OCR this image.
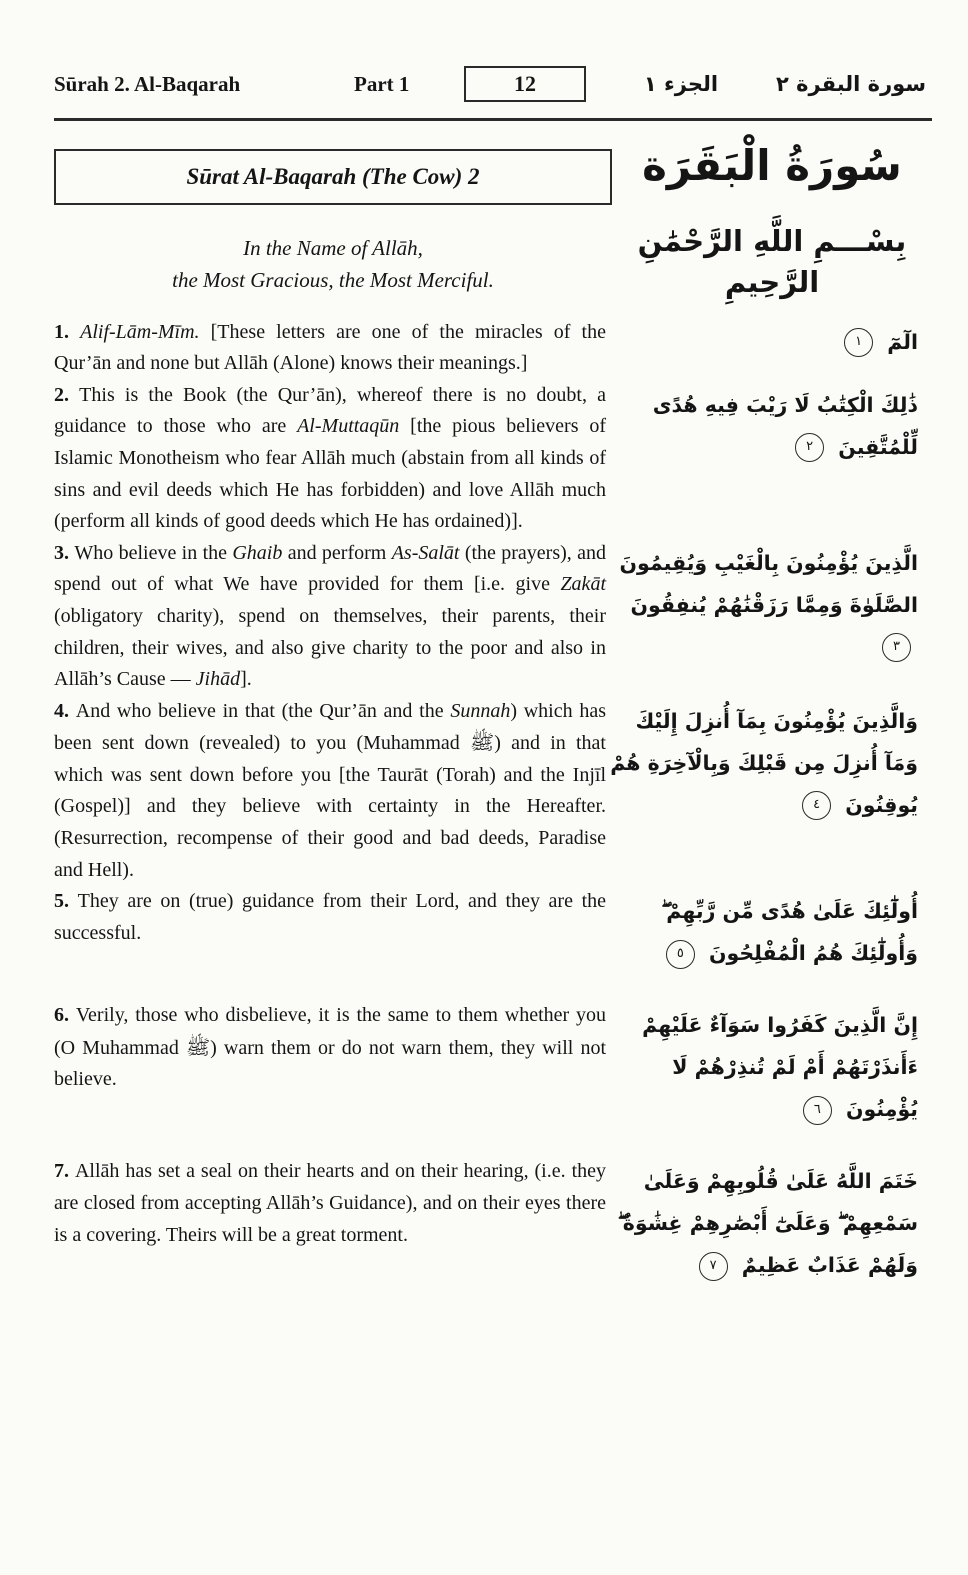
Sūrah 2. Al-Baqarah	Part 1	12	الجزء ١	سورة البقرة ٢
Sūrat Al-Baqarah (The Cow) 2
In the Name of Allāh,
the Most Gracious, the Most Merciful.
سُورَةُ الْبَقَرَة
بِسْـــمِ اللَّهِ الرَّحْمَٰنِ الرَّحِيمِ

1. Alif-Lām-Mīm. [These letters are one of the miracles of the Qur’ān and none but Allāh (Alone) knows their meanings.]

الٓمٓ ١

2. This is the Book (the Qur’ān), whereof there is no doubt, a guidance to those who are Al-Muttaqūn [the pious believers of Islamic Monotheism who fear Allāh much (abstain from all kinds of sins and evil deeds which He has forbidden) and love Allāh much (perform all kinds of good deeds which He has ordained)].

ذَٰلِكَ الْكِتَٰبُ لَا رَيْبَ فِيهِ هُدًى لِّلْمُتَّقِينَ ٢

3. Who believe in the Ghaib and perform As-Salāt (the prayers), and spend out of what We have provided for them [i.e. give Zakāt (obligatory charity), spend on themselves, their parents, their children, their wives, and also give charity to the poor and also in Allāh’s Cause — Jihād].

الَّذِينَ يُؤْمِنُونَ بِالْغَيْبِ وَيُقِيمُونَ الصَّلَوٰةَ وَمِمَّا رَزَقْنَٰهُمْ يُنفِقُونَ ٣

4. And who believe in that (the Qur’ān and the Sunnah) which has been sent down (revealed) to you (Muhammad ﷺ) and in that which was sent down before you [the Taurāt (Torah) and the Injīl (Gospel)] and they believe with certainty in the Hereafter. (Resurrection, recompense of their good and bad deeds, Paradise and Hell).

وَالَّذِينَ يُؤْمِنُونَ بِمَآ أُنزِلَ إِلَيْكَ وَمَآ أُنزِلَ مِن قَبْلِكَ وَبِالْآخِرَةِ هُمْ يُوقِنُونَ ٤

5. They are on (true) guidance from their Lord, and they are the successful.

أُولَٰٓئِكَ عَلَىٰ هُدًى مِّن رَّبِّهِمْ ۖ وَأُولَٰٓئِكَ هُمُ الْمُفْلِحُونَ ٥

6. Verily, those who disbelieve, it is the same to them whether you (O Muhammad ﷺ) warn them or do not warn them, they will not believe.

إِنَّ الَّذِينَ كَفَرُوا سَوَآءٌ عَلَيْهِمْ ءَأَنذَرْتَهُمْ أَمْ لَمْ تُنذِرْهُمْ لَا يُؤْمِنُونَ ٦

7. Allāh has set a seal on their hearts and on their hearing, (i.e. they are closed from accepting Allāh’s Guidance), and on their eyes there is a covering. Theirs will be a great torment.

خَتَمَ اللَّهُ عَلَىٰ قُلُوبِهِمْ وَعَلَىٰ سَمْعِهِمْ ۖ وَعَلَىٰٓ أَبْصَٰرِهِمْ غِشَٰوَةٌ ۖ وَلَهُمْ عَذَابٌ عَظِيمٌ ٧
